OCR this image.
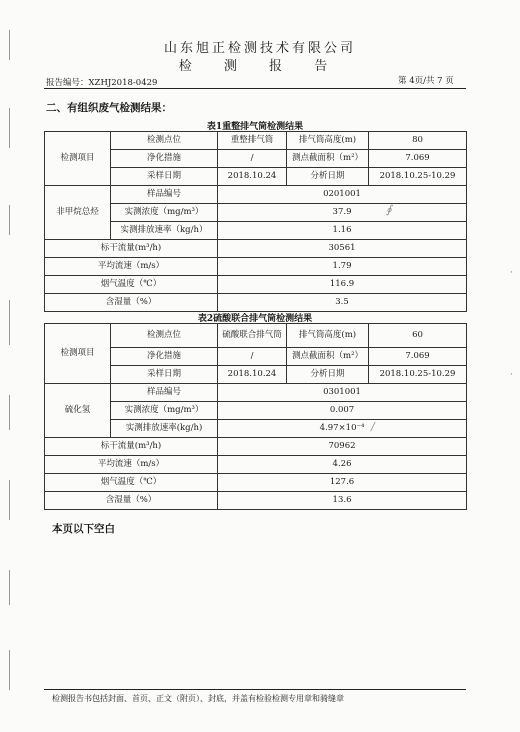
山东旭正检测技术有限公司
检 测 报 告
报告编号：XZHJ2018-0429	第 4页/共 7 页
二、有组织废气检测结果：
表1重整排气筒检测结果
检测项目	检测点位	重整排气筒	排气筒高度(m)	80
	净化措施	/	测点截面积（m²）	7.069
	采样日期	2018.10.24	分析日期	2018.10.25-10.29
非甲烷总烃	样品编号	0201001		
	实测浓度（mg/m³）	37.9		
	实测排放速率（kg/h）	1.16		
标干流量(m³/h)		30561		
平均流速（m/s）		1.79		
烟气温度（℃）		116.9		
含湿量（%）		3.5		
表2硫酸联合排气筒检测结果
检测项目	检测点位	硫酸联合排气筒	排气筒高度(m)	60
	净化措施	/	测点截面积（m²）	7.069
	采样日期	2018.10.24	分析日期	2018.10.25-10.29
硫化氢	样品编号	0301001		
	实测浓度（mg/m³）	0.007		
	实测排放速率(kg/h)	4.97×10⁻⁴		
标干流量(m³/h)		70962		
平均流速（m/s）		4.26		
烟气温度（℃）		127.6		
含湿量（%）		13.6		
∮
/
·
·
本页以下空白
检测报告书包括封面、首页、正文（附页）、封底，并盖有检验检测专用章和骑缝章
